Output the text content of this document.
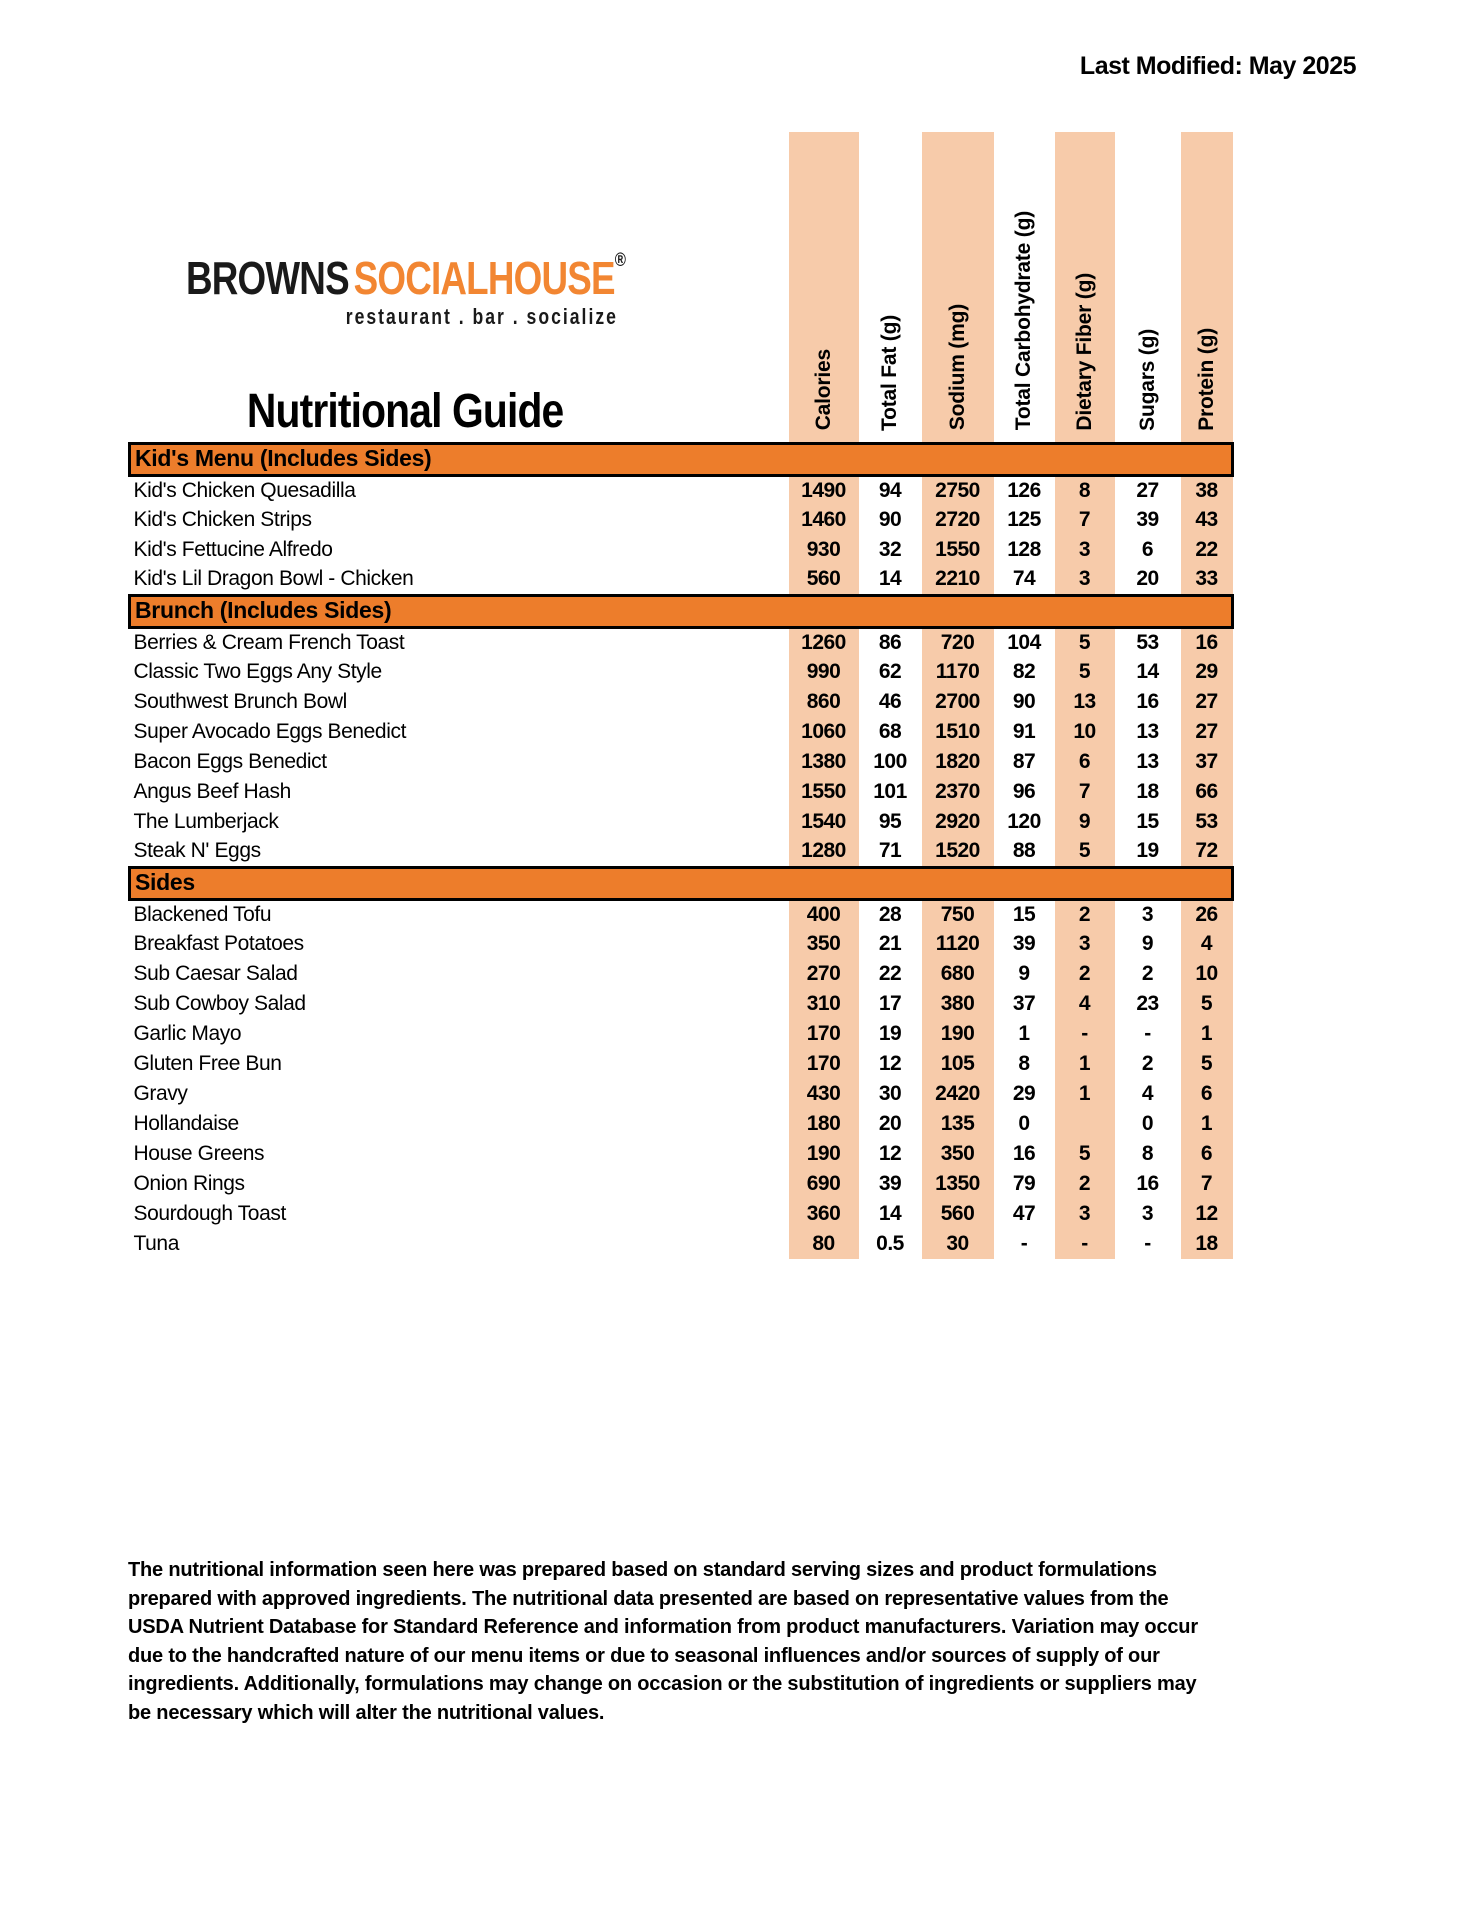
Last Modified: May 2025
BROWNS SOCIALHOUSE®
restaurant . bar . socialize
Nutritional Guide	Calories	Total Fat (g)	Sodium (mg)	Total Carbohydrate (g)	Dietary Fiber (g)	Sugars (g)	Protein (g)
Kid's Menu (Includes Sides)							
Kid's Chicken Quesadilla	1490	94	2750	126	8	27	38
Kid's Chicken Strips	1460	90	2720	125	7	39	43
Kid's Fettucine Alfredo	930	32	1550	128	3	6	22
Kid's Lil Dragon Bowl - Chicken	560	14	2210	74	3	20	33
Brunch (Includes Sides)							
Berries & Cream French Toast	1260	86	720	104	5	53	16
Classic Two Eggs Any Style	990	62	1170	82	5	14	29
Southwest Brunch Bowl	860	46	2700	90	13	16	27
Super Avocado Eggs Benedict	1060	68	1510	91	10	13	27
Bacon Eggs Benedict	1380	100	1820	87	6	13	37
Angus Beef Hash	1550	101	2370	96	7	18	66
The Lumberjack	1540	95	2920	120	9	15	53
Steak N' Eggs	1280	71	1520	88	5	19	72
Sides							
Blackened Tofu	400	28	750	15	2	3	26
Breakfast Potatoes	350	21	1120	39	3	9	4
Sub Caesar Salad	270	22	680	9	2	2	10
Sub Cowboy Salad	310	17	380	37	4	23	5
Garlic Mayo	170	19	190	1	-	-	1
Gluten Free Bun	170	12	105	8	1	2	5
Gravy	430	30	2420	29	1	4	6
Hollandaise	180	20	135	0		0	1
House Greens	190	12	350	16	5	8	6
Onion Rings	690	39	1350	79	2	16	7
Sourdough Toast	360	14	560	47	3	3	12
Tuna	80	0.5	30	-	-	-	18

The nutritional information seen here was prepared based on standard serving sizes and product formulations prepared with approved ingredients. The nutritional data presented are based on representative values from the USDA Nutrient Database for Standard Reference and information from product manufacturers. Variation may occur due to the handcrafted nature of our menu items or due to seasonal influences and/or sources of supply of our ingredients. Additionally, formulations may change on occasion or the substitution of ingredients or suppliers may be necessary which will alter the nutritional values.
